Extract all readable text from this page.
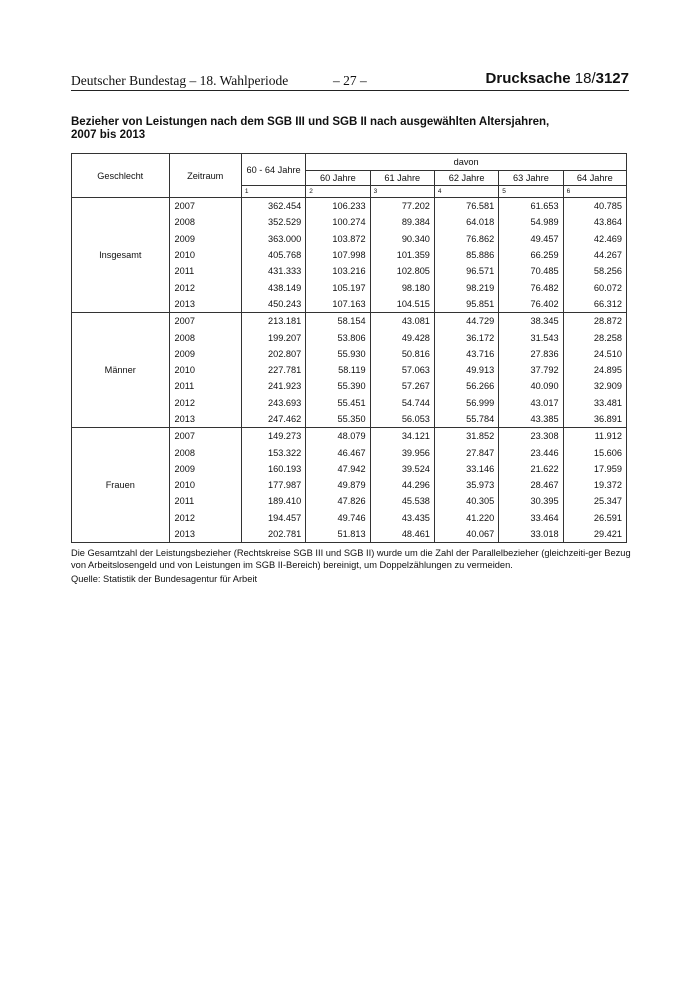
Deutscher Bundestag – 18. Wahlperiode	– 27 –	Drucksache 18/3127
Bezieher von Leistungen nach dem SGB III und SGB II nach ausgewählten Altersjahren,
2007 bis 2013
Geschlecht	Zeitraum	60 - 64 Jahre	davon				
			60 Jahre	61 Jahre	62 Jahre	63 Jahre	64 Jahre
		1	2	3	4	5	6
Insgesamt	2007	362.454	106.233	77.202	76.581	61.653	40.785
	2008	352.529	100.274	89.384	64.018	54.989	43.864
	2009	363.000	103.872	90.340	76.862	49.457	42.469
	2010	405.768	107.998	101.359	85.886	66.259	44.267
	2011	431.333	103.216	102.805	96.571	70.485	58.256
	2012	438.149	105.197	98.180	98.219	76.482	60.072
	2013	450.243	107.163	104.515	95.851	76.402	66.312
Männer	2007	213.181	58.154	43.081	44.729	38.345	28.872
	2008	199.207	53.806	49.428	36.172	31.543	28.258
	2009	202.807	55.930	50.816	43.716	27.836	24.510
	2010	227.781	58.119	57.063	49.913	37.792	24.895
	2011	241.923	55.390	57.267	56.266	40.090	32.909
	2012	243.693	55.451	54.744	56.999	43.017	33.481
	2013	247.462	55.350	56.053	55.784	43.385	36.891
Frauen	2007	149.273	48.079	34.121	31.852	23.308	11.912
	2008	153.322	46.467	39.956	27.847	23.446	15.606
	2009	160.193	47.942	39.524	33.146	21.622	17.959
	2010	177.987	49.879	44.296	35.973	28.467	19.372
	2011	189.410	47.826	45.538	40.305	30.395	25.347
	2012	194.457	49.746	43.435	41.220	33.464	26.591
	2013	202.781	51.813	48.461	40.067	33.018	29.421

Die Gesamtzahl der Leistungsbezieher (Rechtskreise SGB III und SGB II) wurde um die Zahl der Parallelbezieher (gleichzeiti-ger Bezug von Arbeitslosengeld und von Leistungen im SGB II-Bereich) bereinigt, um Doppelzählungen zu vermeiden.

Quelle: Statistik der Bundesagentur für Arbeit
